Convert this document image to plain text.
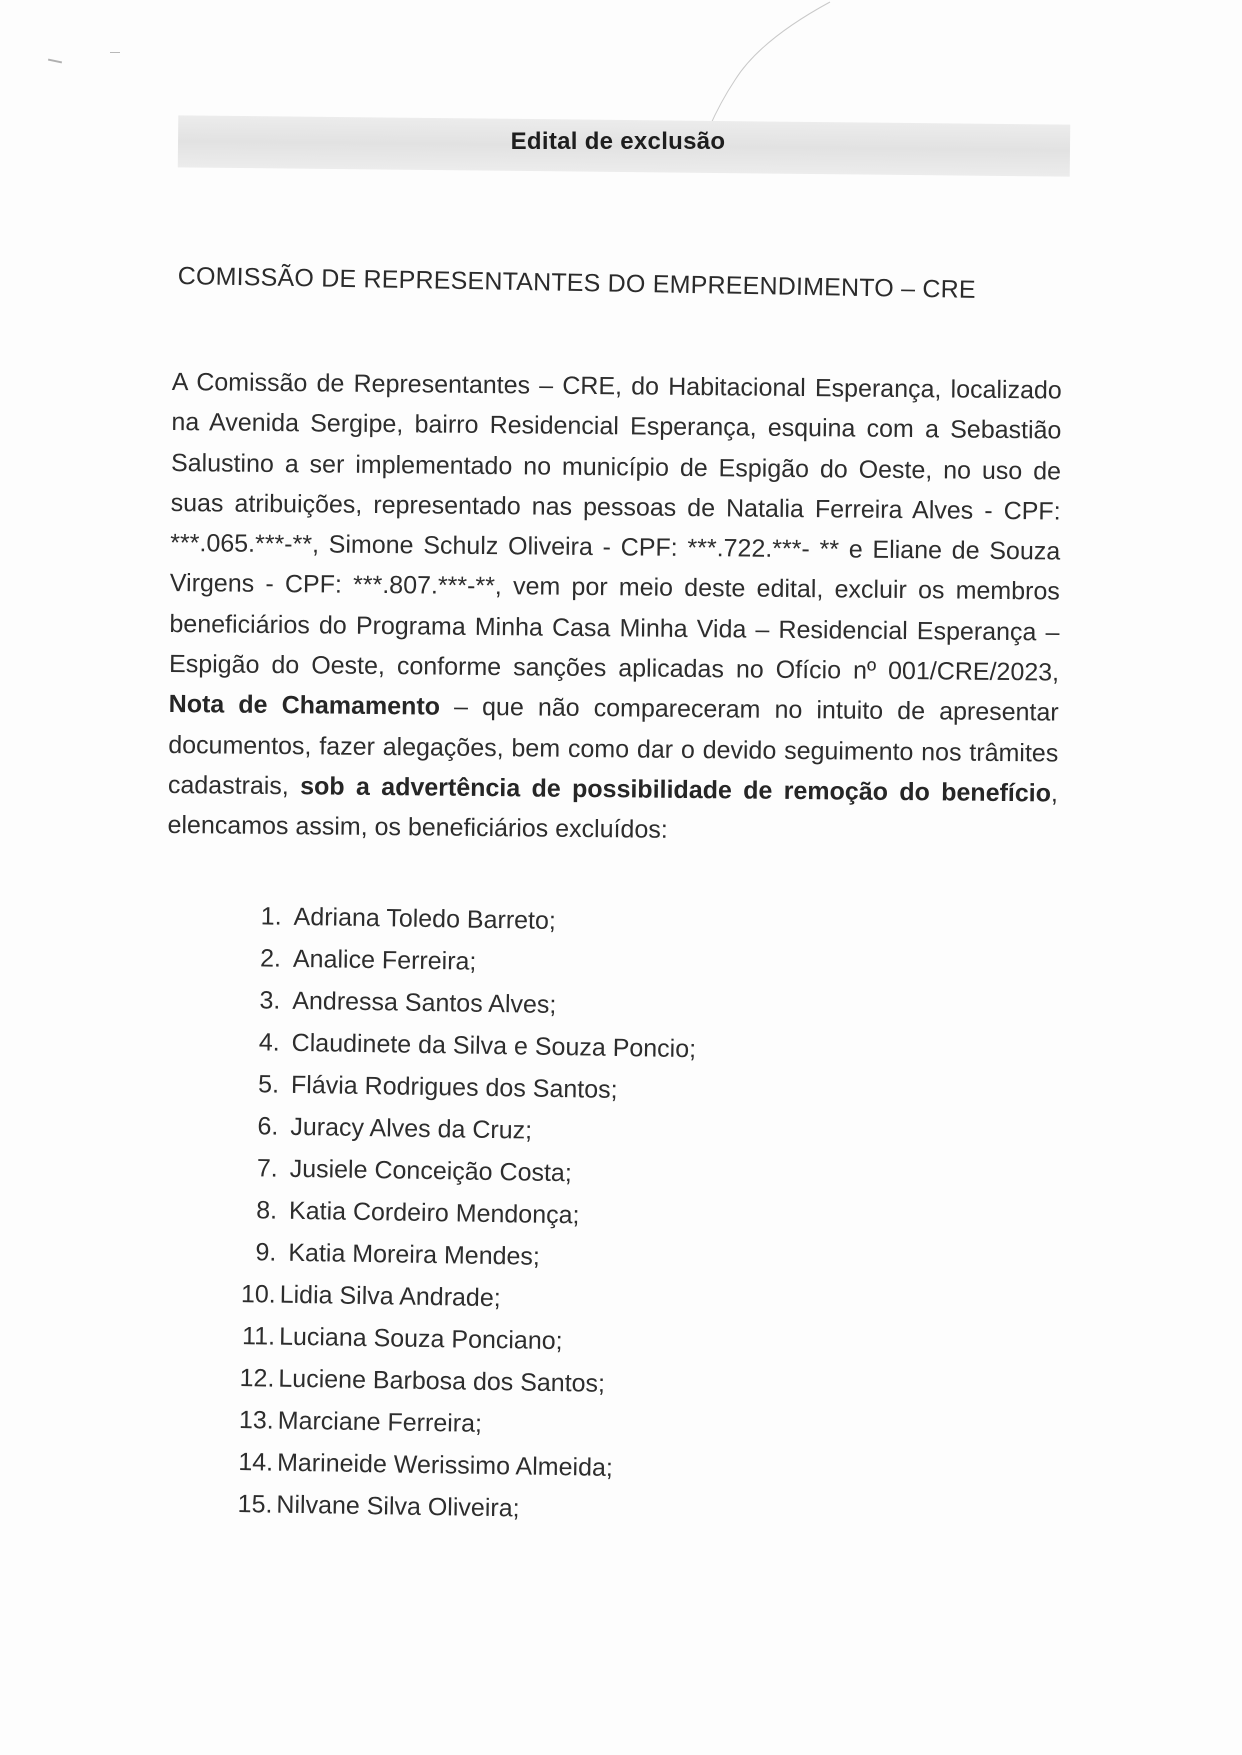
Edital de exclusão
COMISSÃO DE REPRESENTANTES DO EMPREENDIMENTO – CRE
A Comissão de Representantes – CRE, do Habitacional Esperança, localizado na Avenida Sergipe, bairro Residencial Esperança, esquina com a Sebastião Salustino a ser implementado no município de Espigão do Oeste, no uso de suas atribuições, representado nas pessoas de Natalia Ferreira Alves - CPF: ***.065.***-**, Simone Schulz Oliveira - CPF: ***.722.***- ** e Eliane de Souza Virgens - CPF: ***.807.***-**, vem por meio deste edital, excluir os membros beneficiários do Programa Minha Casa Minha Vida – Residencial Esperança – Espigão do Oeste, conforme sanções aplicadas no Ofício nº 001/CRE/2023, Nota de Chamamento – que não compareceram no intuito de apresentar documentos, fazer alegações, bem como dar o devido seguimento nos trâmites cadastrais, sob a advertência de possibilidade de remoção do benefício, elencamos assim, os beneficiários excluídos:
1. Adriana Toledo Barreto;
2. Analice Ferreira;
3. Andressa Santos Alves;
4. Claudinete da Silva e Souza Poncio;
5. Flávia Rodrigues dos Santos;
6. Juracy Alves da Cruz;
7. Jusiele Conceição Costa;
8. Katia Cordeiro Mendonça;
9. Katia Moreira Mendes;
10. Lidia Silva Andrade;
11. Luciana Souza Ponciano;
12. Luciene Barbosa dos Santos;
13. Marciane Ferreira;
14. Marineide Werissimo Almeida;
15. Nilvane Silva Oliveira;
